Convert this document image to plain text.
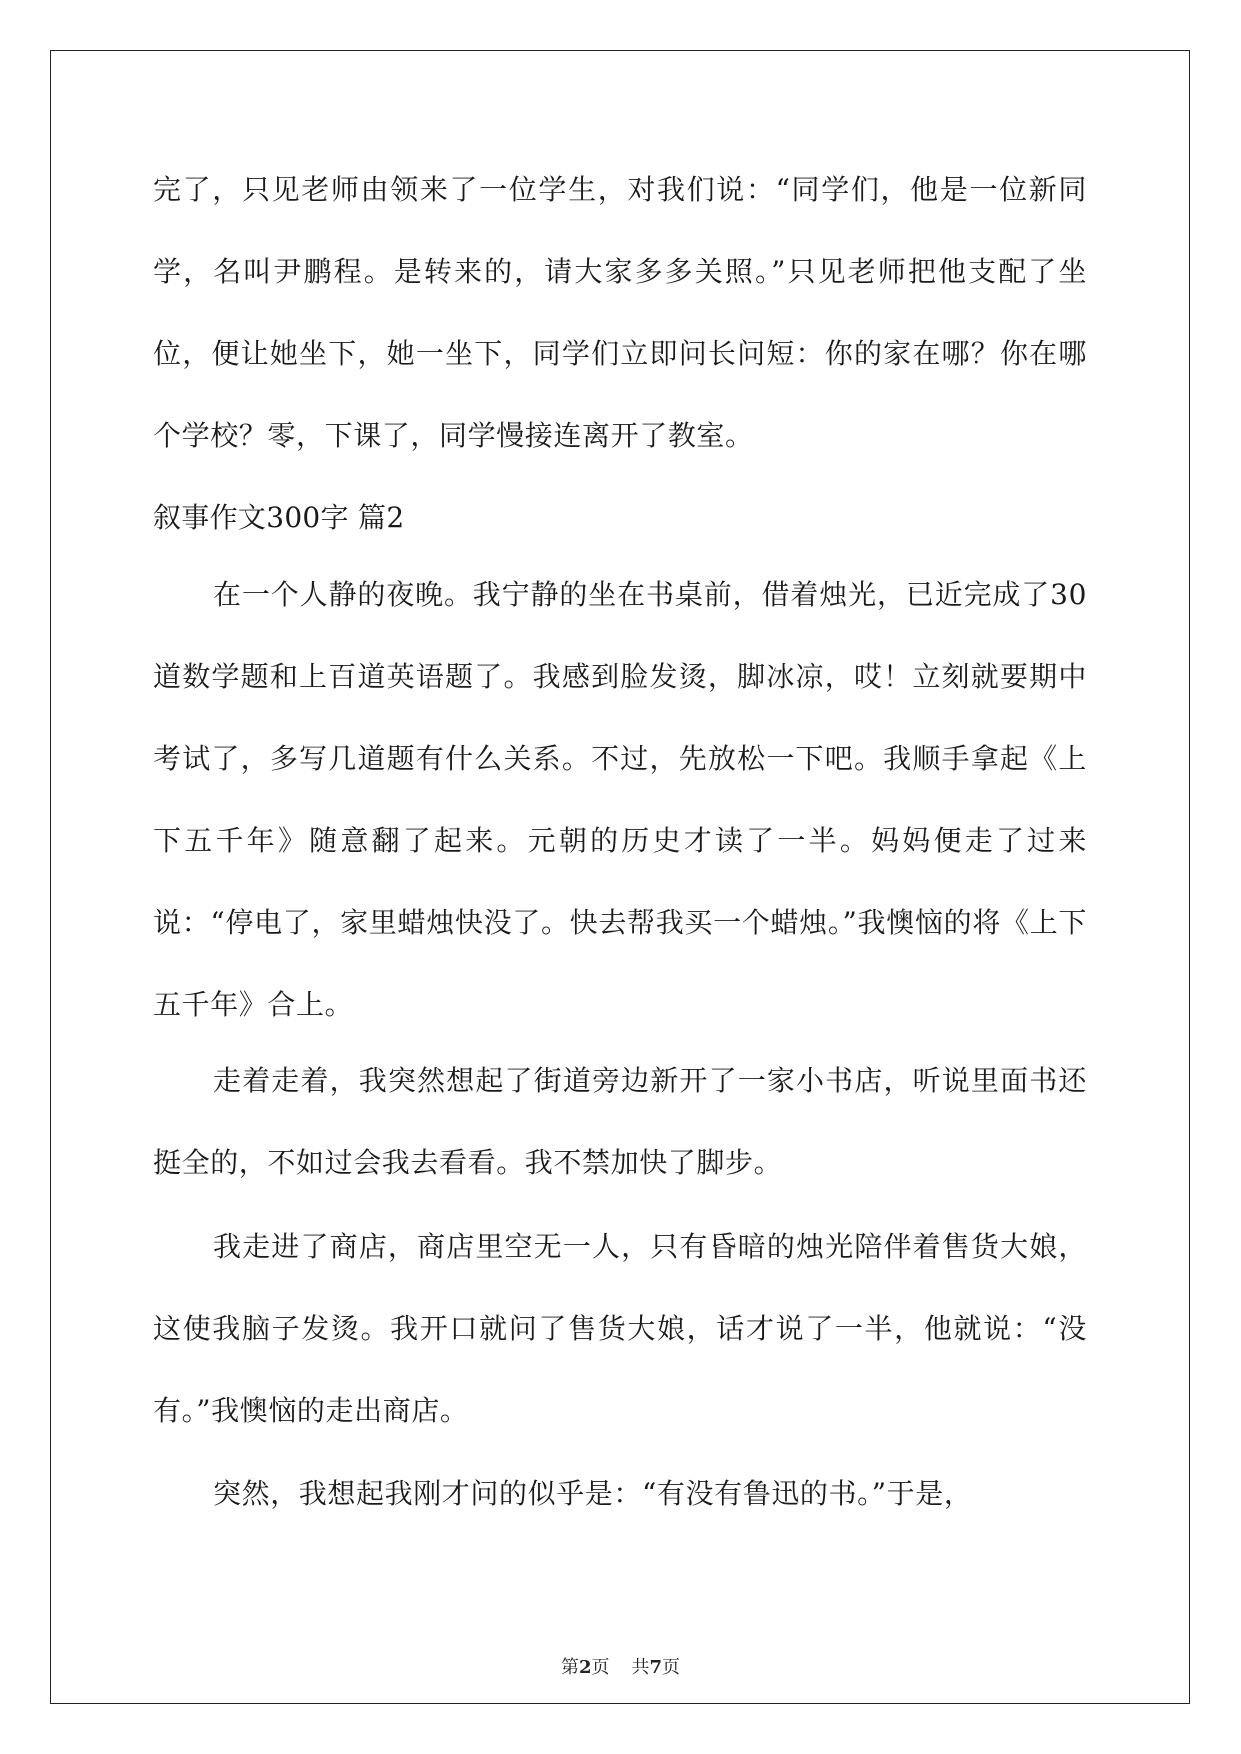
完了，只见老师由领来了一位学生，对我们说：“同学们，他是一位新同学，名叫尹鹏程。是转来的，请大家多多关照。”只见老师把他支配了坐位，便让她坐下，她一坐下，同学们立即问长问短：你的家在哪？你在哪个学校？零，下课了，同学慢接连离开了教室。

叙事作文300字 篇2

在一个人静的夜晚。我宁静的坐在书桌前，借着烛光，已近完成了30道数学题和上百道英语题了。我感到脸发烫，脚冰凉，哎！立刻就要期中考试了，多写几道题有什么关系。不过，先放松一下吧。我顺手拿起《上下五千年》随意翻了起来。元朝的历史才读了一半。妈妈便走了过来说：“停电了，家里蜡烛快没了。快去帮我买一个蜡烛。”我懊恼的将《上下五千年》合上。

走着走着，我突然想起了街道旁边新开了一家小书店，听说里面书还挺全的，不如过会我去看看。我不禁加快了脚步。

我走进了商店，商店里空无一人，只有昏暗的烛光陪伴着售货大娘，这使我脑子发烫。我开口就问了售货大娘，话才说了一半，他就说：“没有。”我懊恼的走出商店。

突然，我想起我刚才问的似乎是：“有没有鲁迅的书。”于是，

第2页 共7页
